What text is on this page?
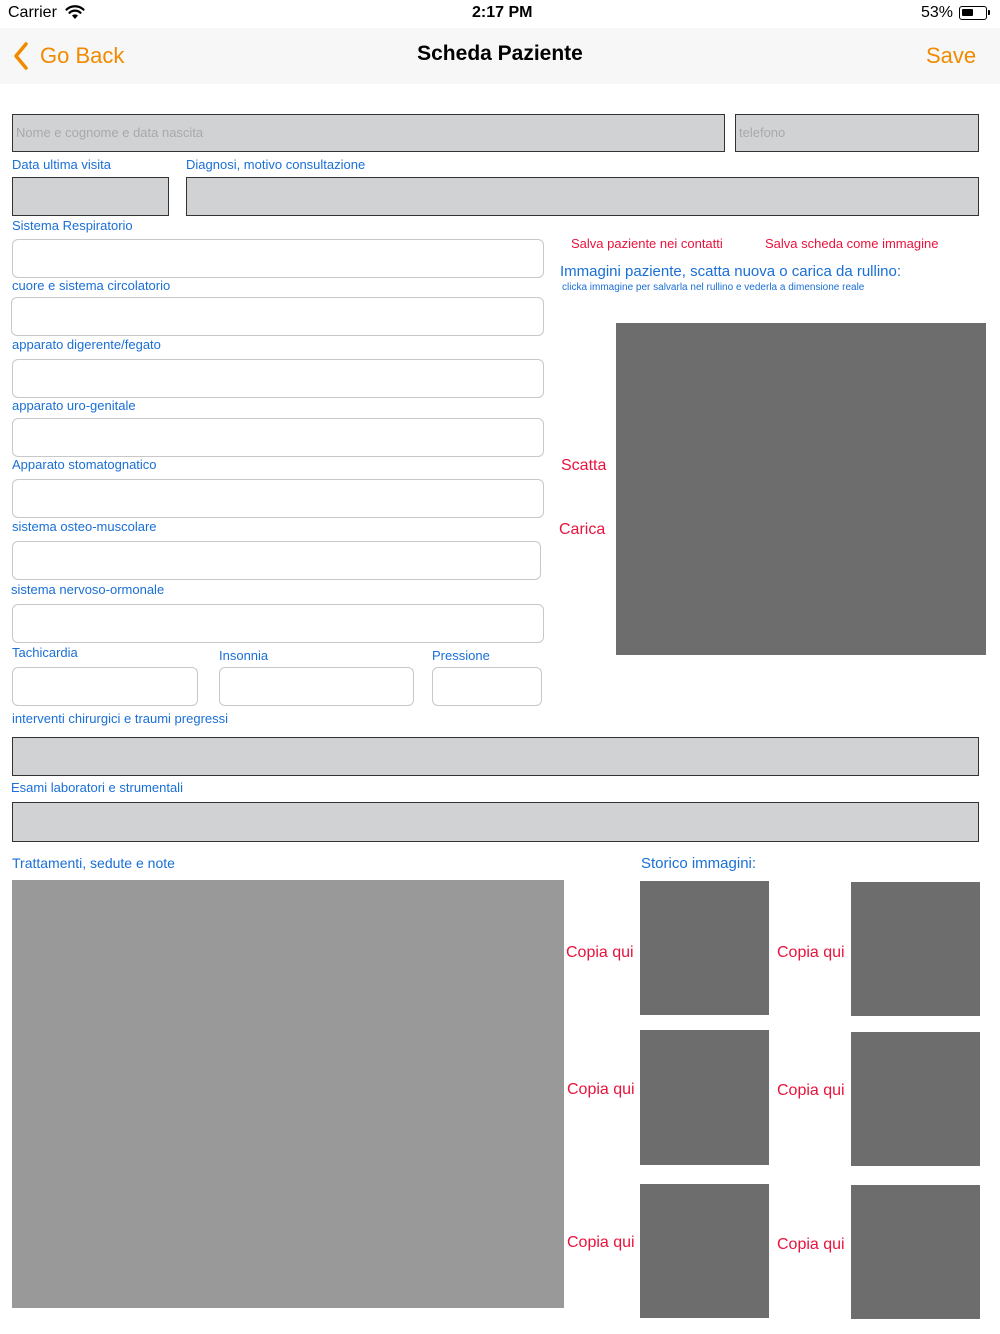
Carrier	2:17 PM	53%
Go Back	Scheda Paziente	Save
Nome e cognome e data nascita	telefono
Data ultima visita	Diagnosi, motivo consultazione
Sistema Respiratorio
cuore e sistema circolatorio
apparato digerente/fegato
apparato uro-genitale
Apparato stomatognatico
sistema osteo-muscolare
sistema nervoso-ormonale
Tachicardia	Insonnia	Pressione
Salva paziente nei contatti	Salva scheda come immagine
Immagini paziente, scatta nuova o carica da rullino:
clicka immagine per salvarla nel rullino e vederla a dimensione reale
Scatta
Carica
interventi chirurgici e traumi pregressi
Esami laboratori e strumentali
Trattamenti, sedute e note	Storico immagini:
Copia qui	Copia qui
Copia qui	Copia qui
Copia qui	Copia qui
